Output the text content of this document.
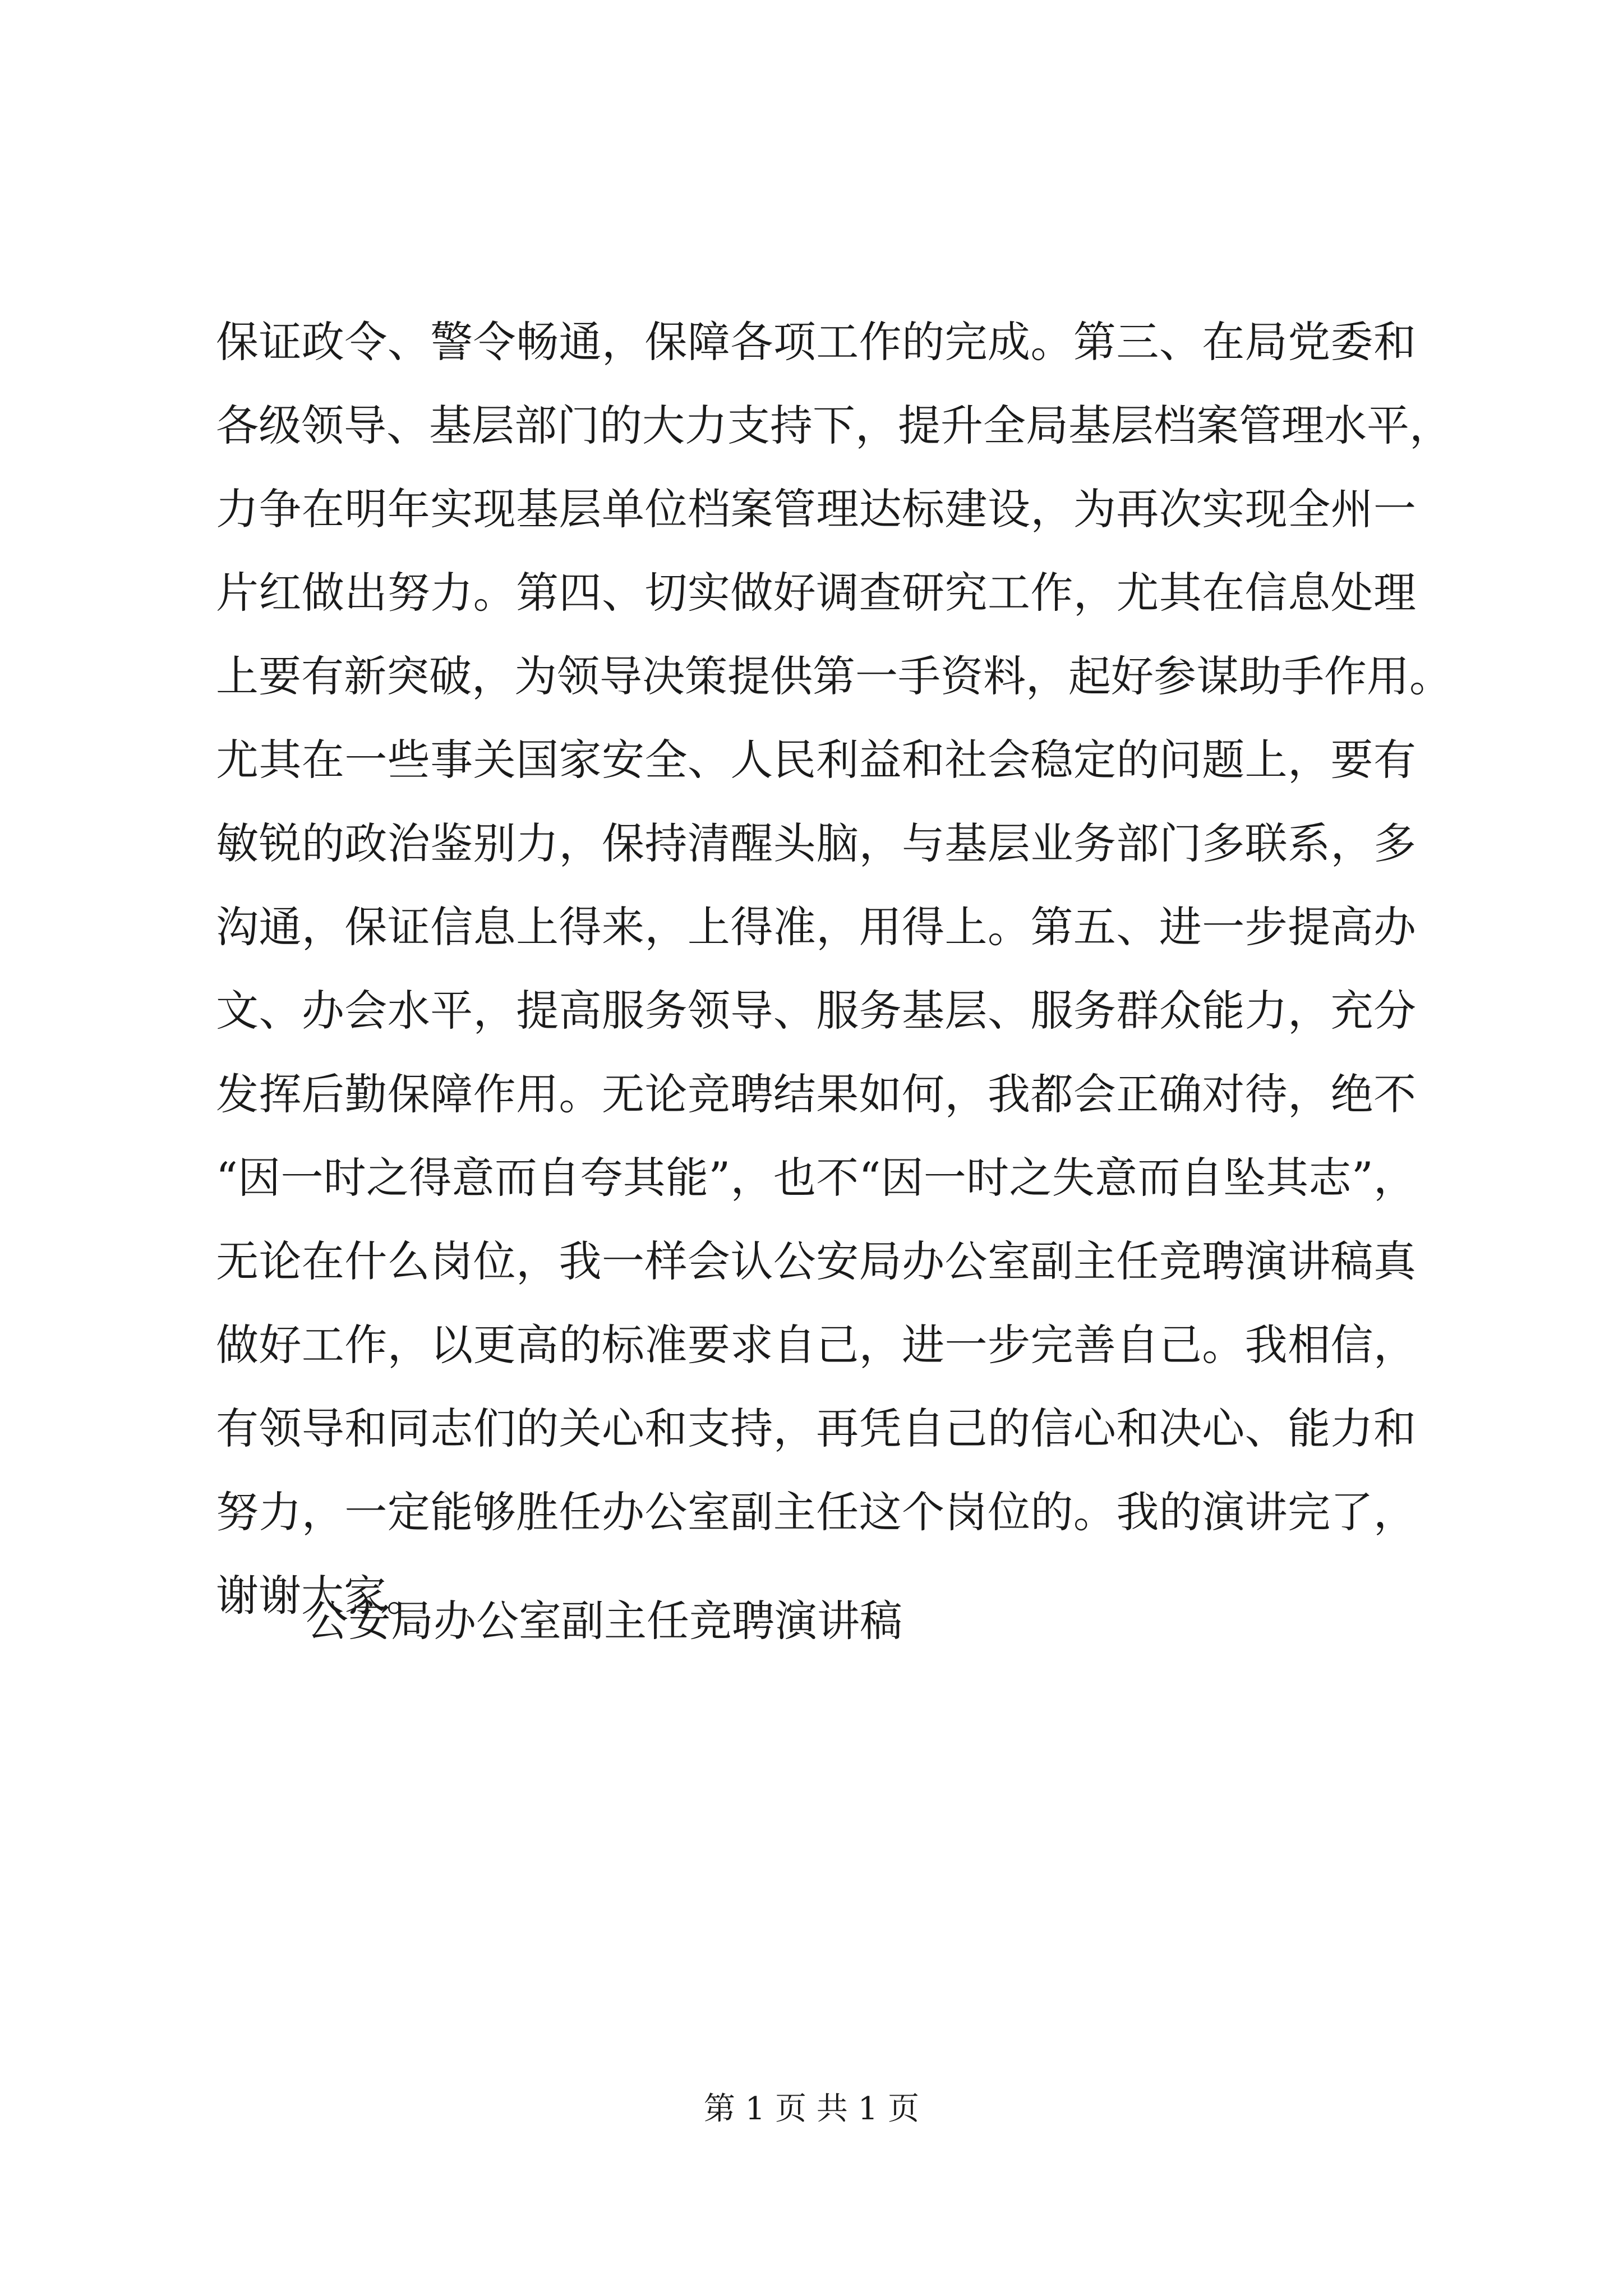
保证政令、警令畅通，保障各项工作的完成。第三、在局党委和
各级领导、基层部门的大力支持下，提升全局基层档案管理水平，
力争在明年实现基层单位档案管理达标建设，为再次实现全州一
片红做出努力。第四、切实做好调查研究工作，尤其在信息处理
上要有新突破，为领导决策提供第一手资料，起好参谋助手作用。
尤其在一些事关国家安全、人民利益和社会稳定的问题上，要有
敏锐的政治鉴别力，保持清醒头脑，与基层业务部门多联系，多
沟通，保证信息上得来，上得准，用得上。第五、进一步提高办
文、办会水平，提高服务领导、服务基层、服务群众能力，充分
发挥后勤保障作用。无论竞聘结果如何，我都会正确对待，绝不
“因一时之得意而自夸其能”，也不“因一时之失意而自坠其志”，
无论在什么岗位，我一样会认公安局办公室副主任竞聘演讲稿真
做好工作，以更高的标准要求自己，进一步完善自己。我相信，
有领导和同志们的关心和支持，再凭自己的信心和决心、能力和
努力，一定能够胜任办公室副主任这个岗位的。我的演讲完了，
谢谢大家。
公安局办公室副主任竞聘演讲稿
第 1 页 共 1 页
